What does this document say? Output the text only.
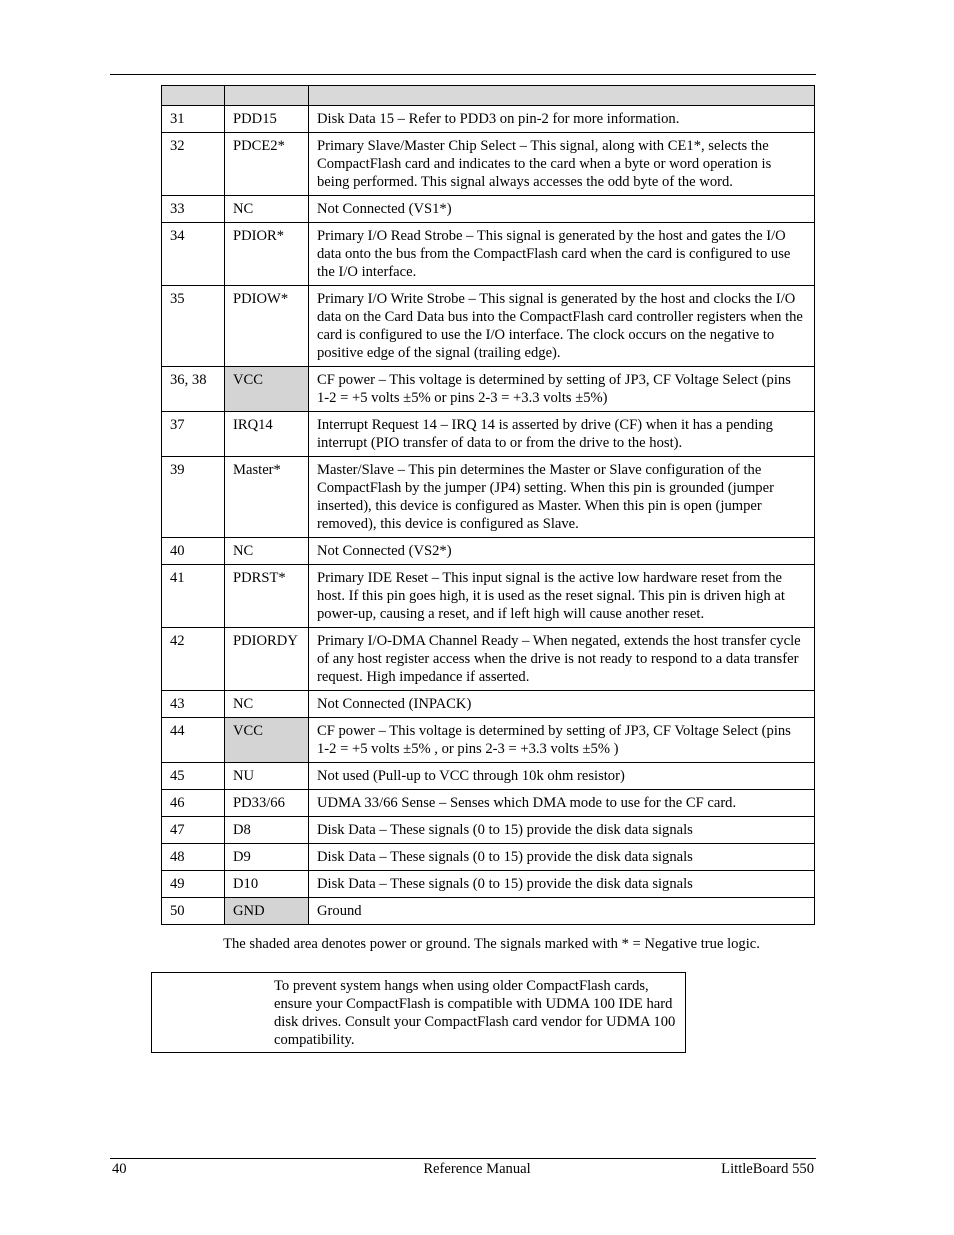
31	PDD15	Disk Data 15 – Refer to PDD3 on pin-2 for more information.
32	PDCE2*	Primary Slave/Master Chip Select – This signal, along with CE1*, selects the CompactFlash card and indicates to the card when a byte or word operation is being performed. This signal always accesses the odd byte of the word.
33	NC	Not Connected (VS1*)
34	PDIOR*	Primary I/O Read Strobe – This signal is generated by the host and gates the I/O data onto the bus from the CompactFlash card when the card is configured to use the I/O interface.
35	PDIOW*	Primary I/O Write Strobe – This signal is generated by the host and clocks the I/O data on the Card Data bus into the CompactFlash card controller registers when the card is configured to use the I/O interface. The clock occurs on the negative to positive edge of the signal (trailing edge).
36, 38	VCC	CF power – This voltage is determined by setting of JP3, CF Voltage Select (pins 1-2 = +5 volts ±5% or pins 2-3 = +3.3 volts ±5%)
37	IRQ14	Interrupt Request 14 – IRQ 14 is asserted by drive (CF) when it has a pending interrupt (PIO transfer of data to or from the drive to the host).
39	Master*	Master/Slave – This pin determines the Master or Slave configuration of the CompactFlash by the jumper (JP4) setting. When this pin is grounded (jumper inserted), this device is configured as Master. When this pin is open (jumper removed), this device is configured as Slave.
40	NC	Not Connected (VS2*)
41	PDRST*	Primary IDE Reset – This input signal is the active low hardware reset from the host. If this pin goes high, it is used as the reset signal. This pin is driven high at power-up, causing a reset, and if left high will cause another reset.
42	PDIORDY	Primary I/O-DMA Channel Ready – When negated, extends the host transfer cycle of any host register access when the drive is not ready to respond to a data transfer request. High impedance if asserted.
43	NC	Not Connected (INPACK)
44	VCC	CF power – This voltage is determined by setting of JP3, CF Voltage Select (pins 1-2 = +5 volts ±5% , or pins 2-3 = +3.3 volts ±5% )
45	NU	Not used (Pull-up to VCC through 10k ohm resistor)
46	PD33/66	UDMA 33/66 Sense – Senses which DMA mode to use for the CF card.
47	D8	Disk Data – These signals (0 to 15) provide the disk data signals
48	D9	Disk Data – These signals (0 to 15) provide the disk data signals
49	D10	Disk Data – These signals (0 to 15) provide the disk data signals
50	GND	Ground
The shaded area denotes power or ground. The signals marked with * = Negative true logic.
To prevent system hangs when using older CompactFlash cards, ensure your CompactFlash is compatible with UDMA 100 IDE hard disk drives. Consult your CompactFlash card vendor for UDMA 100 compatibility.
40	Reference Manual	LittleBoard 550
